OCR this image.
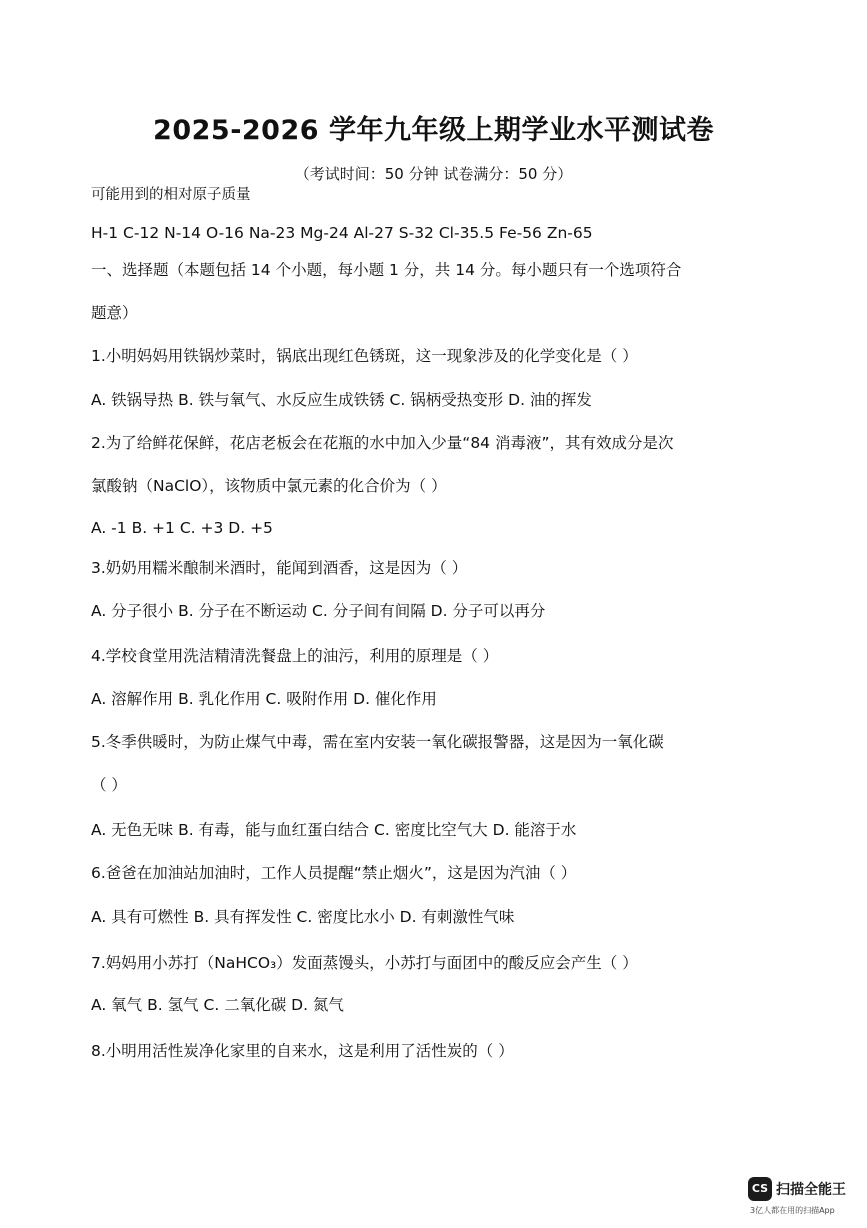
2025-2026 学年九年级上期学业水平测试卷
（考试时间：50 分钟 试卷满分：50 分）
可能用到的相对原子质量
H-1 C-12 N-14 O-16 Na-23 Mg-24 Al-27 S-32 Cl-35.5 Fe-56 Zn-65
一、选择题（本题包括 14 个小题，每小题 1 分，共 14 分。每小题只有一个选项符合
题意）
1.小明妈妈用铁锅炒菜时，锅底出现红色锈斑，这一现象涉及的化学变化是（ ）
A. 铁锅导热 B. 铁与氧气、水反应生成铁锈 C. 锅柄受热变形 D. 油的挥发
2.为了给鲜花保鲜，花店老板会在花瓶的水中加入少量“84 消毒液”，其有效成分是次
氯酸钠（NaClO），该物质中氯元素的化合价为（ ）
A. -1 B. +1 C. +3 D. +5
3.奶奶用糯米酿制米酒时，能闻到酒香，这是因为（ ）
A. 分子很小 B. 分子在不断运动 C. 分子间有间隔 D. 分子可以再分
4.学校食堂用洗洁精清洗餐盘上的油污，利用的原理是（ ）
A. 溶解作用 B. 乳化作用 C. 吸附作用 D. 催化作用
5.冬季供暖时，为防止煤气中毒，需在室内安装一氧化碳报警器，这是因为一氧化碳
（ ）
A. 无色无味 B. 有毒，能与血红蛋白结合 C. 密度比空气大 D. 能溶于水
6.爸爸在加油站加油时，工作人员提醒“禁止烟火”，这是因为汽油（ ）
A. 具有可燃性 B. 具有挥发性 C. 密度比水小 D. 有刺激性气味
7.妈妈用小苏打（NaHCO₃）发面蒸馒头，小苏打与面团中的酸反应会产生（ ）
A. 氧气 B. 氢气 C. 二氧化碳 D. 氮气
8.小明用活性炭净化家里的自来水，这是利用了活性炭的（ ）
CS 扫描全能王
3亿人都在用的扫描App
